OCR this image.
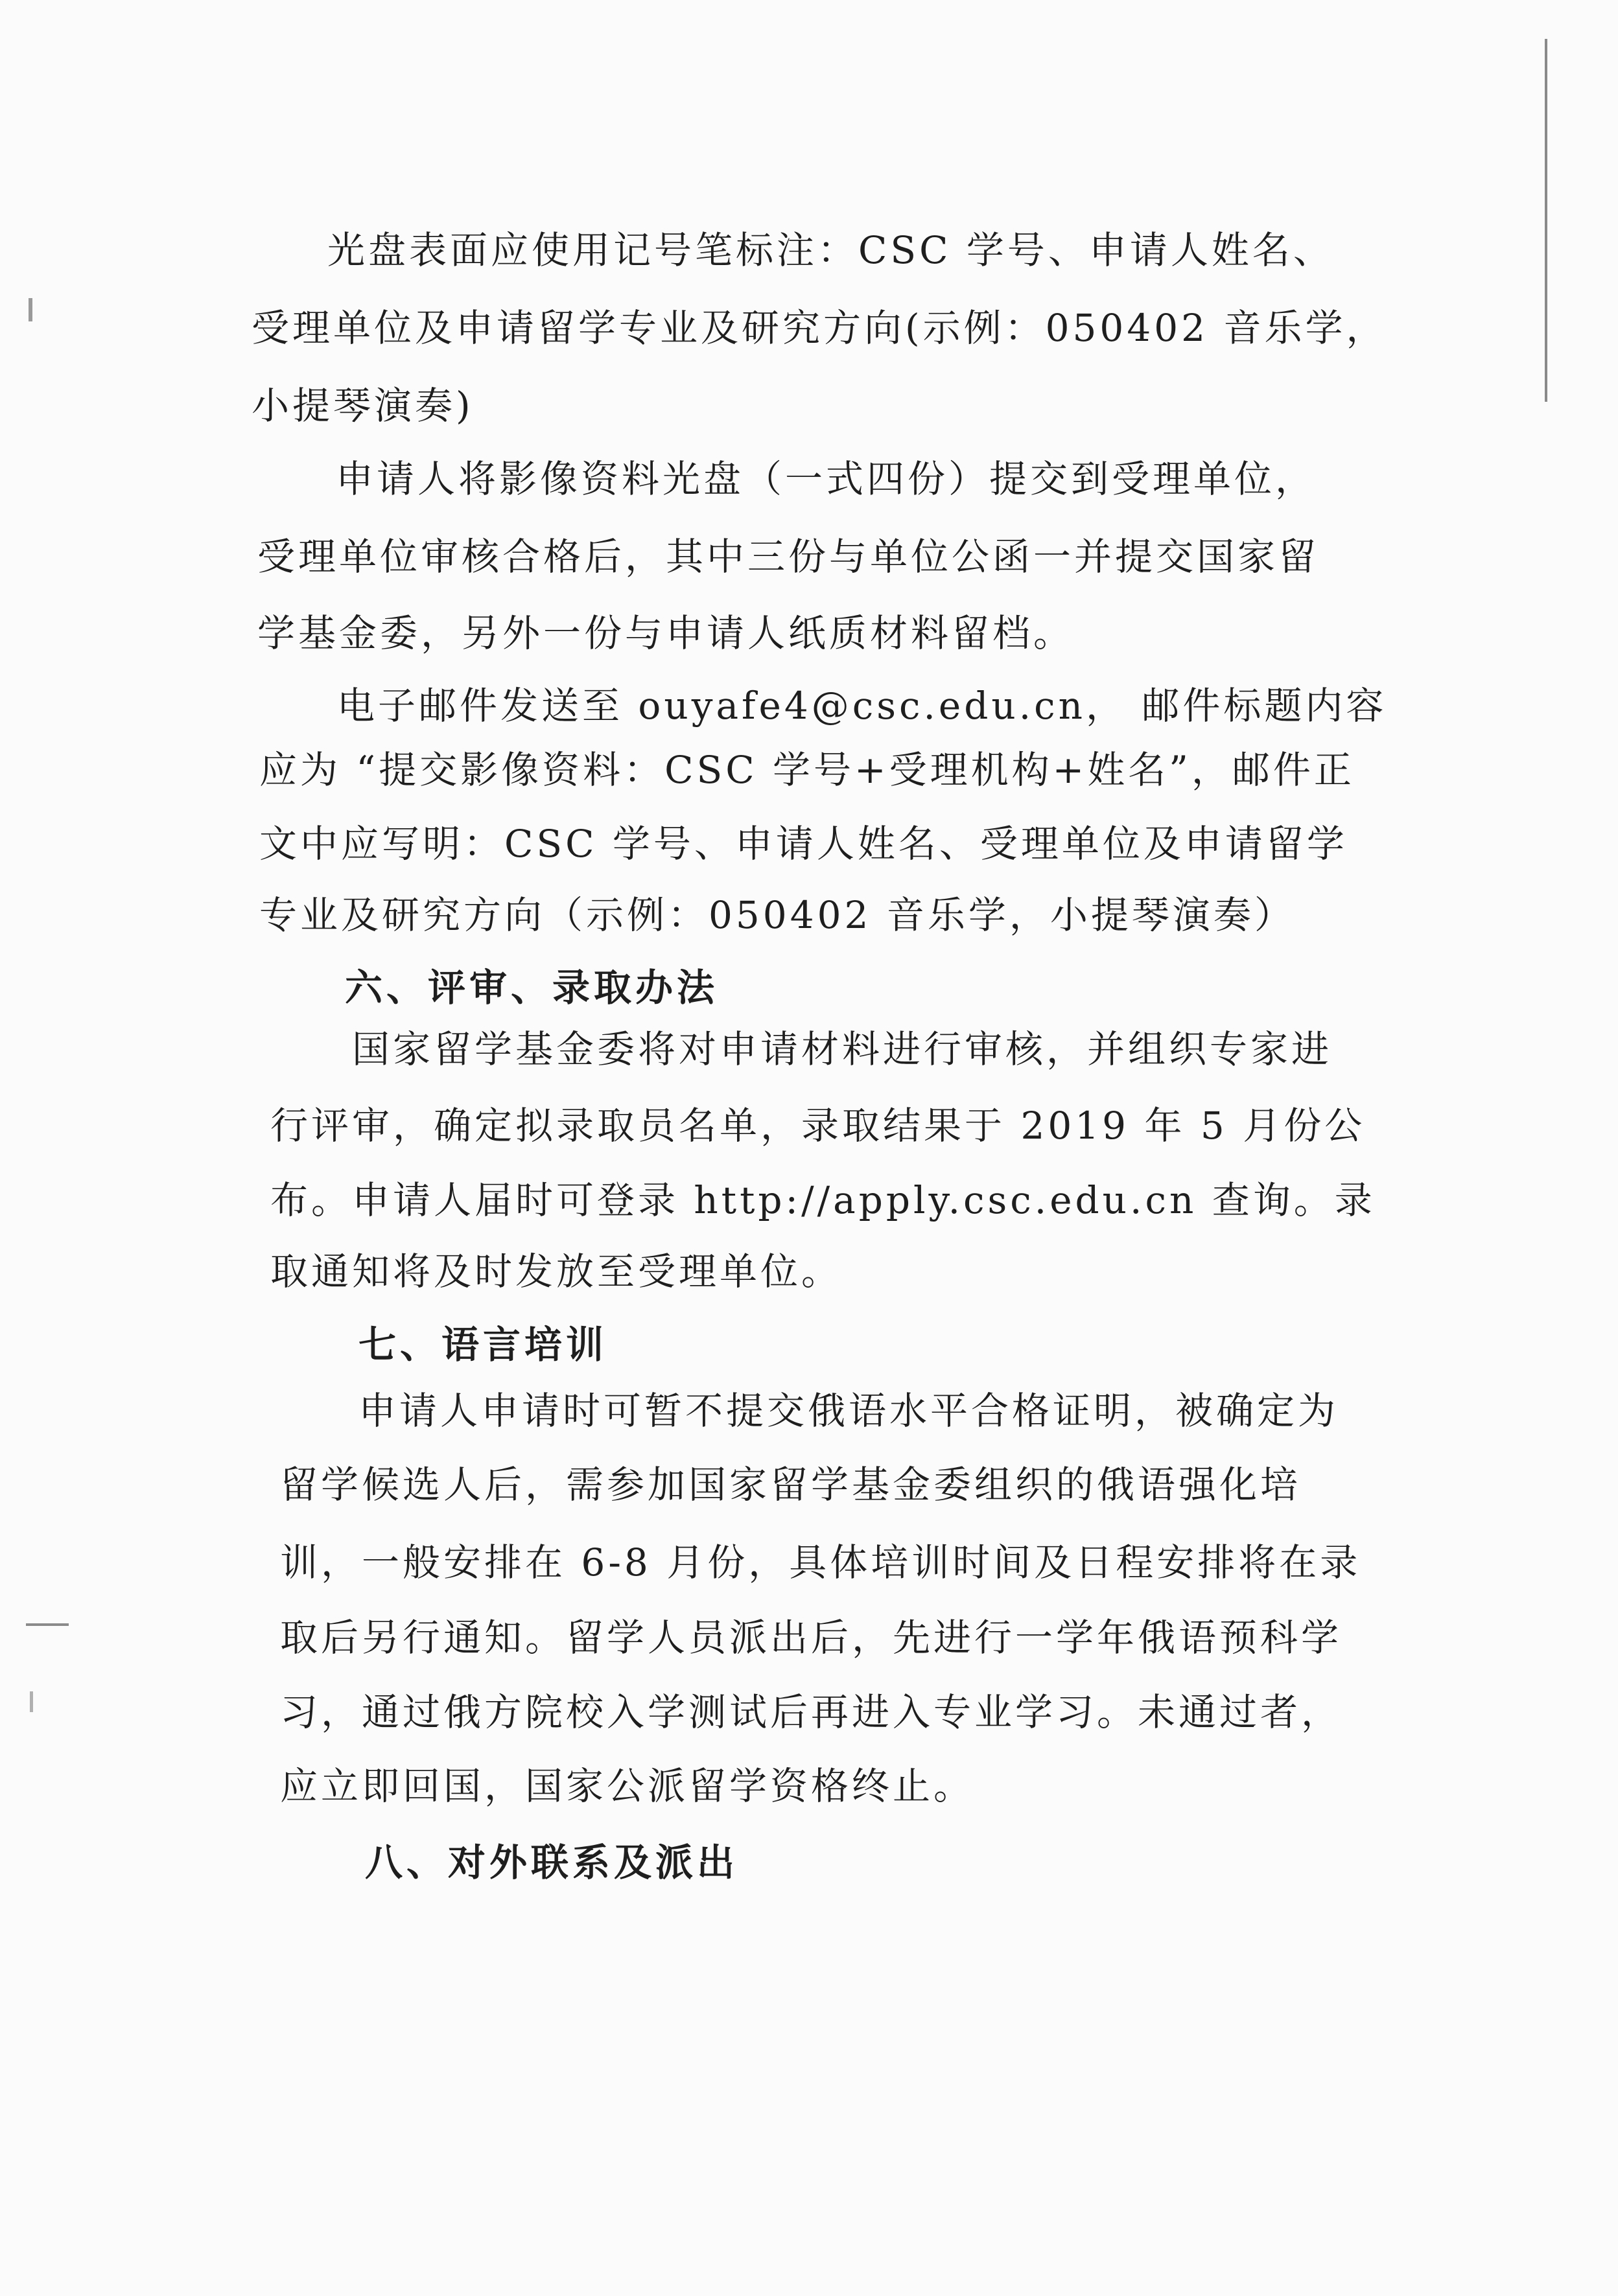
光盘表面应使用记号笔标注：CSC 学号、申请人姓名、
受理单位及申请留学专业及研究方向(示例：050402 音乐学，
小提琴演奏)
申请人将影像资料光盘（一式四份）提交到受理单位，
受理单位审核合格后，其中三份与单位公函一并提交国家留
学基金委，另外一份与申请人纸质材料留档。
电子邮件发送至 ouyafe4@csc.edu.cn， 邮件标题内容
应为 “提交影像资料：CSC 学号+受理机构+姓名”，邮件正
文中应写明：CSC 学号、申请人姓名、受理单位及申请留学
专业及研究方向（示例：050402 音乐学，小提琴演奏）
六、评审、录取办法
国家留学基金委将对申请材料进行审核，并组织专家进
行评审，确定拟录取员名单，录取结果于 2019 年 5 月份公
布。申请人届时可登录 http://apply.csc.edu.cn 查询。录
取通知将及时发放至受理单位。
七、语言培训
申请人申请时可暂不提交俄语水平合格证明，被确定为
留学候选人后，需参加国家留学基金委组织的俄语强化培
训，一般安排在 6-8 月份，具体培训时间及日程安排将在录
取后另行通知。留学人员派出后，先进行一学年俄语预科学
习，通过俄方院校入学测试后再进入专业学习。未通过者，
应立即回国，国家公派留学资格终止。
八、对外联系及派出
